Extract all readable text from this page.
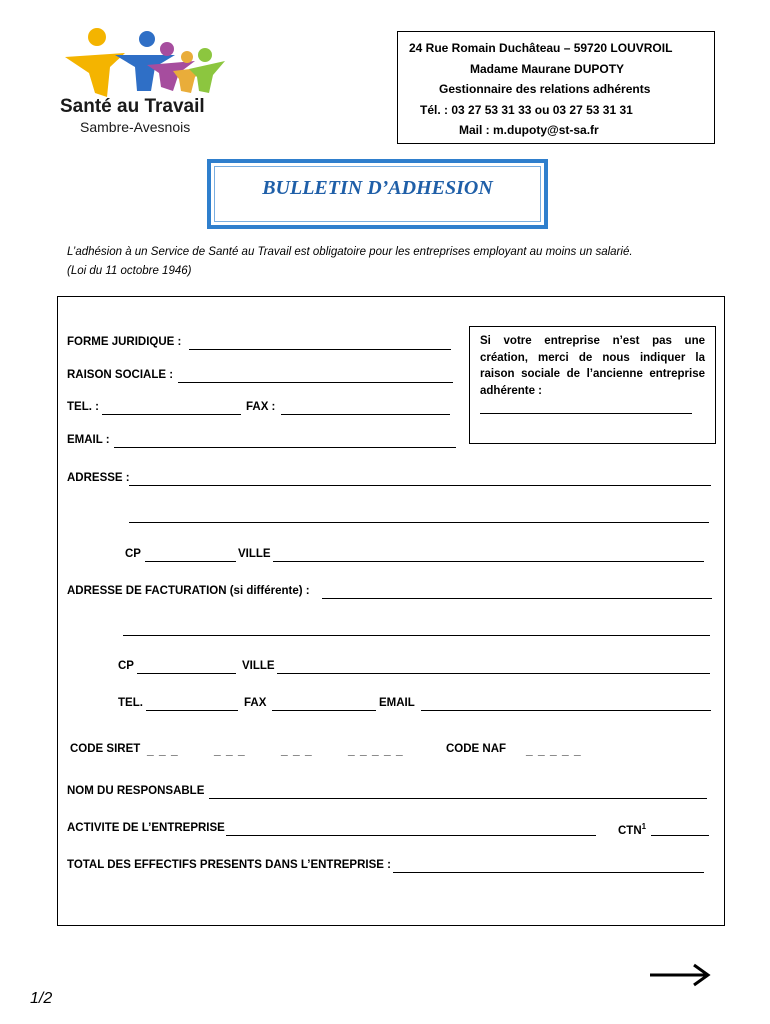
Santé au Travail
Sambre-Avesnois
24 Rue Romain Duchâteau – 59720 LOUVROIL
Madame Maurane DUPOTY
Gestionnaire des relations adhérents
Tél. : 03 27 53 31 33 ou 03 27 53 31 31
Mail : m.dupoty@st-sa.fr
BULLETIN D’ADHESION
L’adhésion à un Service de Santé au Travail est obligatoire pour les entreprises employant au moins un salarié.
(Loi du 11 octobre 1946)
FORME JURIDIQUE :
RAISON SOCIALE :
TEL. :	FAX :
EMAIL :
Si votre entreprise n’est pas une création, merci de nous indiquer la raison sociale de l’ancienne entreprise adhérente :
ADRESSE :
CP	VILLE
ADRESSE DE FACTURATION (si différente) :
CP	VILLE
TEL.	FAX	EMAIL
CODE SIRET _ _ _	_ _ _	_ _ _	_ _ _ _ _	CODE NAF _ _ _ _ _
NOM DU RESPONSABLE
ACTIVITE DE L’ENTREPRISE	CTN$^1$
TOTAL DES EFFECTIFS PRESENTS DANS L’ENTREPRISE :
1/2
